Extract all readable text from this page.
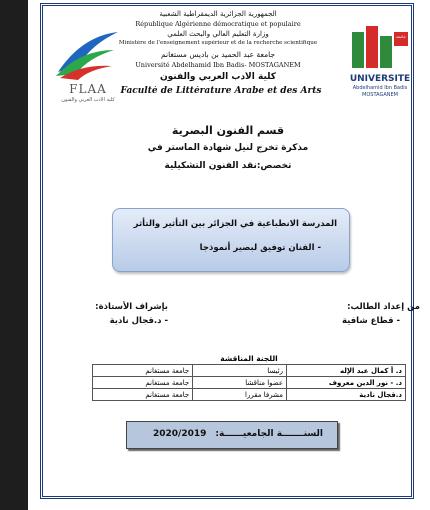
FLAA
كلية الأدب العربي والفنون
جامعة
UNIVERSITE
Abdelhamid Ibn Badis
MOSTAGANEM
الجمهورية الجزائرية الديمقراطية الشعبية
République Algérienne démocratique et populaire
وزارة التعليم العالي والبحث العلمي
Ministère de l'enseignement supérieur et de la recherche scientifique
جامعة عبد الحميد بن باديس مستغانم
Université Abdelhamid Ibn Badis- MOSTAGANEM
كلية الأدب العربي والفنون
Faculté de Littérature Arabe et des Arts
قسم الفنون البصرية
مذكرة تخرج لنيل شهادة الماستر في
تخصص:نقد الفنون التشكيلية
المدرسة الانطباعية في الجزائر بين التأثير والتأثر
- الفنان توفيق لبصير أنموذجا
من إعداد الطالب:
- قطاع شافية
بإشراف الأستاذة:
- د.قجال نادية
اللجنة المناقشة		
د. أ كمال عبد الإله	رئيسا	جامعة مستغانم
د. - نور الدين معروف	عضوا مناقشا	جامعة مستغانم
د.قجال نادية	مشرفا مقررا	جامعة مستغانم
السنـــــــة الجامعيــــــة:
2020/2019
